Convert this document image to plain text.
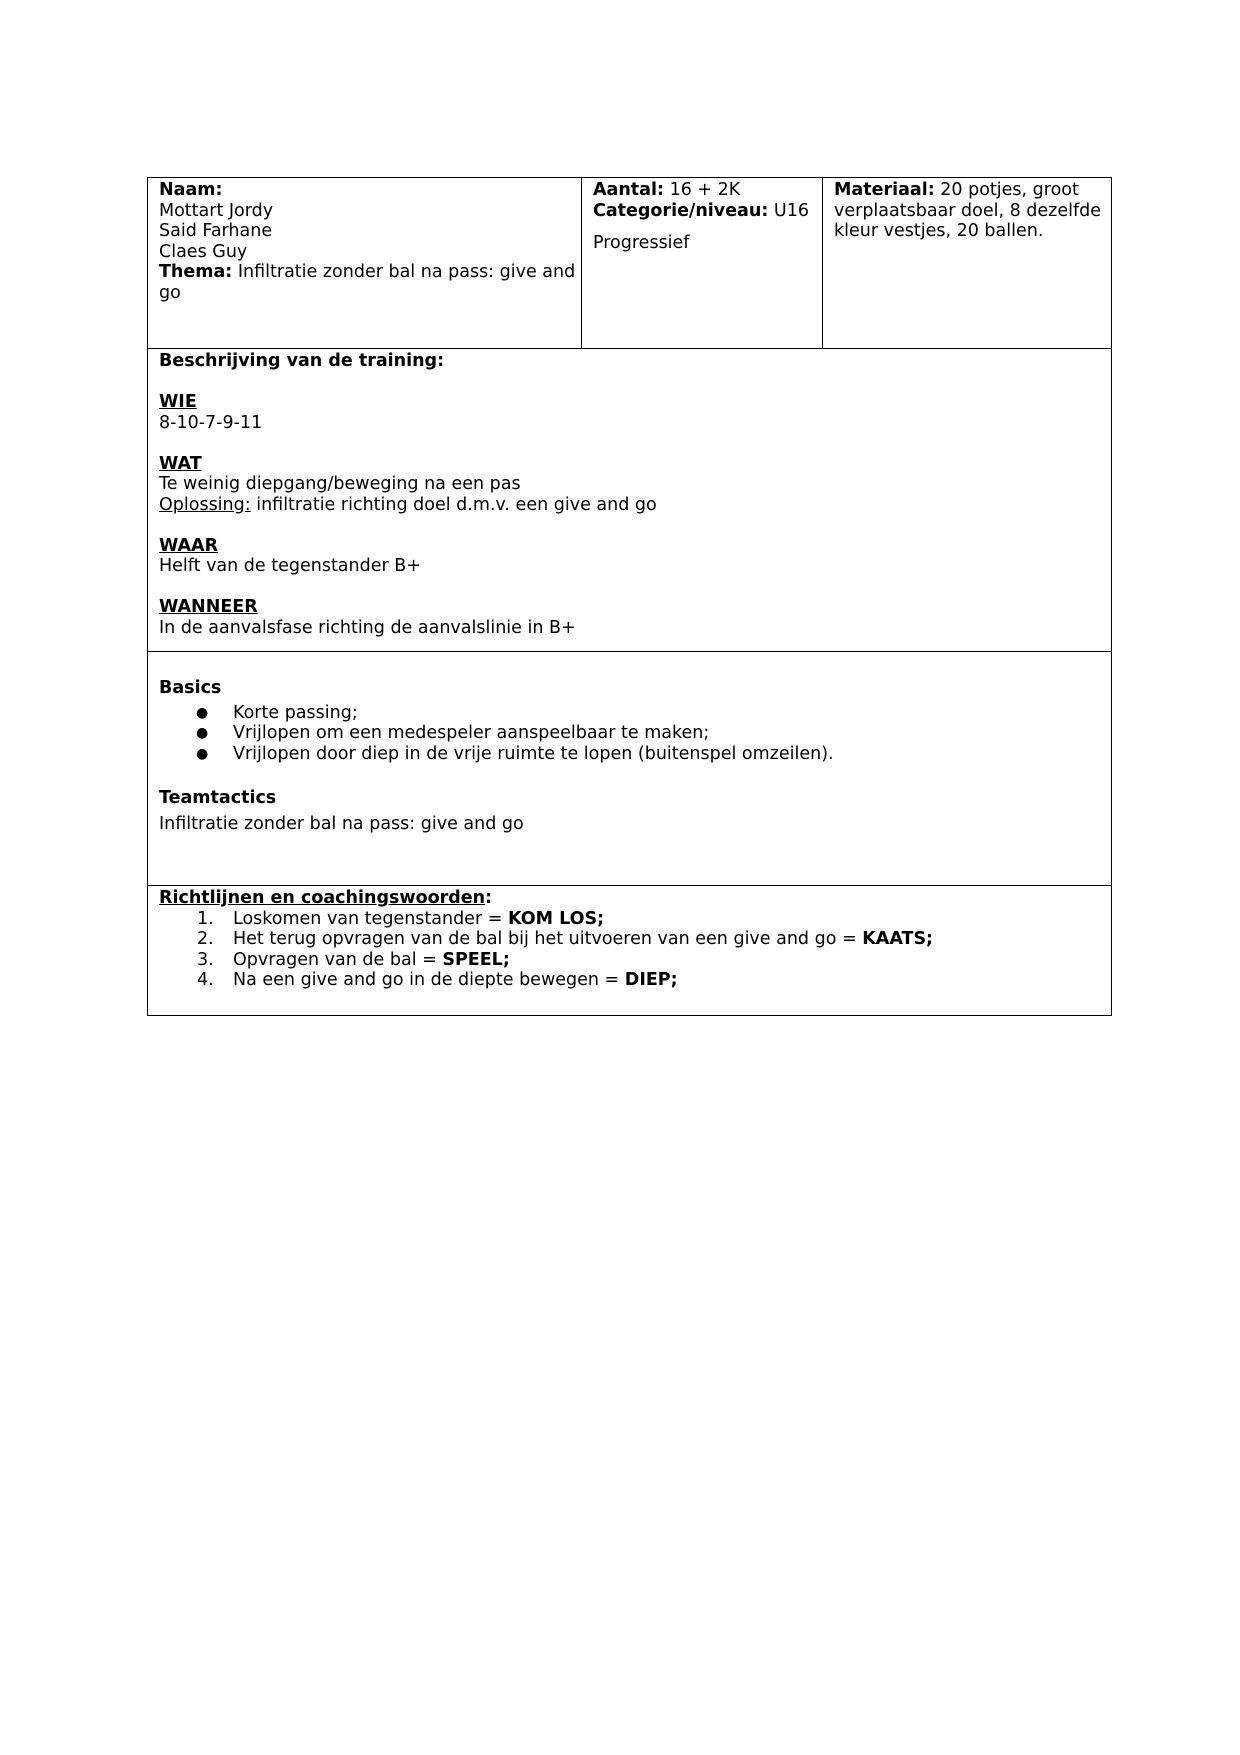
Naam:
Mottart Jordy
Said Farhane
Claes Guy
Thema: Infiltratie zonder bal na pass: give and
go

Aantal: 16 + 2K
Categorie/niveau: U16
Progressief

Materiaal: 20 potjes, groot
verplaatsbaar doel, 8 dezelfde
kleur vestjes, 20 ballen.

Beschrijving van de training:
WIE
8-10-7-9-11
WAT
Te weinig diepgang/beweging na een pas
Oplossing: infiltratie richting doel d.m.v. een give and go
WAAR
Helft van de tegenstander B+
WANNEER
In de aanvalsfase richting de aanvalslinie in B+

Basics
● Korte passing;
● Vrijlopen om een medespeler aanspeelbaar te maken;
● Vrijlopen door diep in de vrije ruimte te lopen (buitenspel omzeilen).
Teamtactics
Infiltratie zonder bal na pass: give and go

Richtlijnen en coachingswoorden:
1. Loskomen van tegenstander = KOM LOS;
2. Het terug opvragen van de bal bij het uitvoeren van een give and go = KAATS;
3. Opvragen van de bal = SPEEL;
4. Na een give and go in de diepte bewegen = DIEP;
